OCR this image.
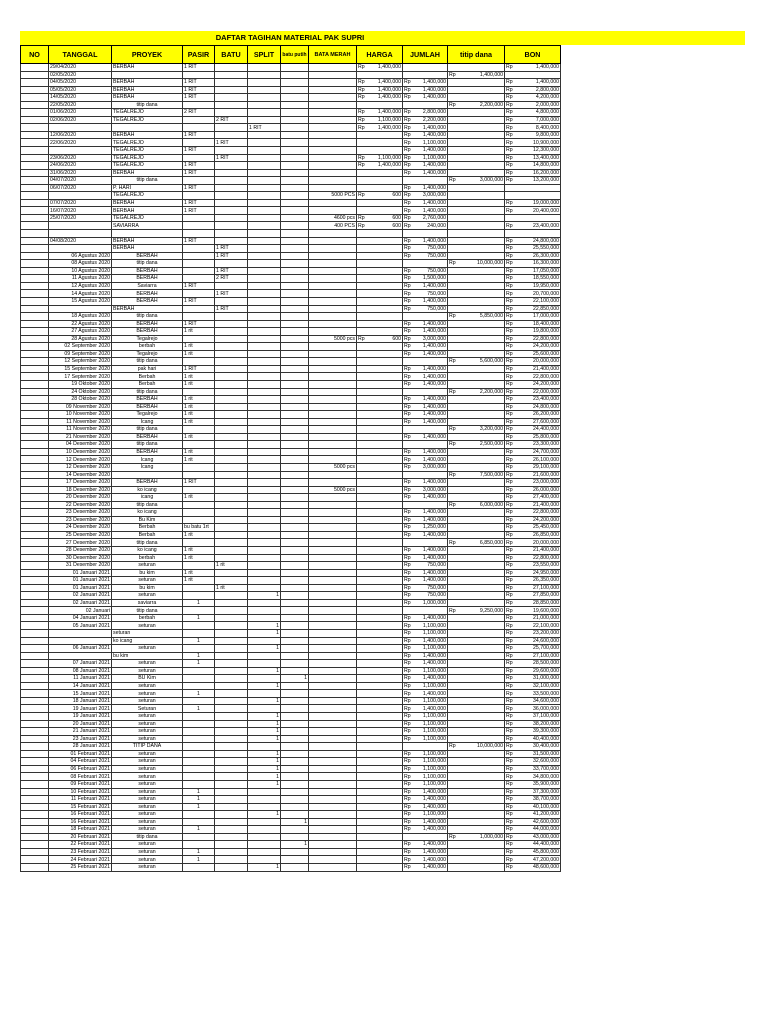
DAFTAR TAGIHAN MATERIAL PAK SUPRI
NO	TANGGAL	PROYEK	PASIR	BATU	SPLIT	batu putih	BATA MERAH	HARGA	JUMLAH	titip dana	BON
	29/04/2020	BERBAH	1 RIT					Rp 1,400,000			Rp 1,400,000

	02/05/2020									Rp 1,400,000	

	04/05/2020	BERBAH	1 RIT					Rp 1,400,000	Rp 1,400,000		Rp 1,400,000

	05/05/2020	BERBAH	1 RIT					Rp 1,400,000	Rp 1,400,000		Rp 2,800,000

	14/05/2020	BERBAH	1 RIT					Rp 1,400,000	Rp 1,400,000		Rp 4,200,000

	22/05/2020	titip dana								Rp 2,200,000	Rp 2,000,000

	01/06/2020	TEGALREJO	2 RIT					Rp 1,400,000	Rp 2,800,000		Rp 4,800,000

	02/06/2020	TEGALREJO		2 RIT				Rp 1,100,000	Rp 2,200,000		Rp 7,000,000

					1 RIT			Rp 1,400,000	Rp 1,400,000		Rp 8,400,000

	12/06/2020	BERBAH	1 RIT						Rp 1,400,000		Rp 9,800,000

	22/06/2020	TEGALREJO		1 RIT					Rp 1,100,000		Rp 10,900,000

		TEGALREJO	1 RIT						Rp 1,400,000		Rp 12,300,000

	23/06/2020	TEGALREJO		1 RIT				Rp 1,100,000	Rp 1,100,000		Rp 13,400,000

	24/06/2020	TEGALREJO	1 RIT					Rp 1,400,000	Rp 1,400,000		Rp 14,800,000

	31/06/2020	BERBAH	1 RIT						Rp 1,400,000		Rp 16,200,000

	04/07/2020	titip dana								Rp 3,000,000	Rp 13,200,000

	06/07/2020	P. HARI	1 RIT						Rp 1,400,000		

		TEGALREJO					5000 PCS	Rp 600	Rp 3,000,000		

	07/07/2020	BERBAH	1 RIT						Rp 1,400,000		Rp 19,000,000

	16/07/2020	BERBAH	1 RIT						Rp 1,400,000		Rp 20,400,000

	25/07/2020	TEGALREJO					4600 pcs	Rp 600	Rp 2,760,000		

		SAVIARRA					400 PCS	Rp 600	Rp 240,000		Rp 23,400,000

	04/08/2020	BERBAH	1 RIT						Rp 1,400,000		Rp 24,800,000

		BERBAH		1 RIT					Rp 750,000		Rp 25,550,000

	06 Agustus 2020	BERBAH		1 RIT					Rp 750,000		Rp 26,300,000

	08 Agustus 2020	titip dana								Rp 10,000,000	Rp 16,300,000

	10 Agustus 2020	BERBAH		1 RIT					Rp 750,000		Rp 17,050,000

	11 Agustus 2020	BERBAH		2 RIT					Rp 1,500,000		Rp 18,550,000

	12 Agustus 2020	Saviarra	1 RIT						Rp 1,400,000		Rp 19,950,000

	14 Agustus 2020	BERBAH		1 RIT					Rp 750,000		Rp 20,700,000

	15 Agustus 2020	BERBAH	1 RIT						Rp 1,400,000		Rp 22,100,000

		BERBAH		1 RIT					Rp 750,000		Rp 22,850,000

	18 Agustus 2020	titip dana								Rp 5,850,000	Rp 17,000,000

	22 Agustus 2020	BERBAH	1 RIT						Rp 1,400,000		Rp 18,400,000

	27 Agustus 2020	BERBAH	1 rit						Rp 1,400,000		Rp 19,800,000

	28 Agustus 2020	Tegalrejo					5000 pcs	Rp 600	Rp 3,000,000		Rp 22,800,000

	02 September 2020	berbah	1 rit						Rp 1,400,000		Rp 24,200,000

	09 September 2020	Tegalrejo	1 rit						Rp 1,400,000		Rp 25,600,000

	12 September 2020	titip dana								Rp 5,600,000	Rp 20,000,000

	15 September 2020	pak hari	1 RIT						Rp 1,400,000		Rp 21,400,000

	17 September 2020	Berbah	1 rit						Rp 1,400,000		Rp 22,800,000

	19 Oktober 2020	Berbah	1 rit						Rp 1,400,000		Rp 24,200,000

	24 Oktober 2020	titip dana								Rp 2,200,000	Rp 22,000,000

	28 Oktober 2020	BERBAH	1 rit						Rp 1,400,000		Rp 23,400,000

	09 November 2020	BERBAH	1 rit						Rp 1,400,000		Rp 24,800,000

	10 November 2020	Tegalrejo	1 rit						Rp 1,400,000		Rp 26,200,000

	11 November 2020	Icang	1 rit						Rp 1,400,000		Rp 27,600,000

	11 November 2020	titip dana								Rp 3,200,000	Rp 24,400,000

	21 November 2020	BERBAH	1 rit						Rp 1,400,000		Rp 25,800,000

	04 Desember 2020	titip dana								Rp 2,500,000	Rp 23,300,000

	10 Desember 2020	BERBAH	1 rit						Rp 1,400,000		Rp 24,700,000

	12 Desember 2020	Icang	1 rit						Rp 1,400,000		Rp 26,100,000

	12 Desember 2020	Icang					5000 pcs		Rp 3,000,000		Rp 29,100,000

	14 Desember 2020									Rp 7,500,000	Rp 21,600,000

	17 Desember 2020	BERBAH	1 RIT						Rp 1,400,000		Rp 23,000,000

	18 Desember 2020	ko icang					5000 pcs		Rp 3,000,000		Rp 26,000,000

	20 Desember 2020	icang	1 rit						Rp 1,400,000		Rp 27,400,000

	22 Desember 2020	titip dana								Rp 6,000,000	Rp 21,400,000

	23 Desember 2020	ko icang							Rp 1,400,000		Rp 22,800,000

	23 Desember 2020	Bu Kim							Rp 1,400,000		Rp 24,200,000

	24 Desember 2020	Berbah	bu batu 1rt						Rp 1,250,000		Rp 25,450,000

	25 Desember 2020	Berbah	1 rit						Rp 1,400,000		Rp 26,850,000

	27 Desember 2020	titip dana								Rp 6,850,000	Rp 20,000,000

	28 Desember 2020	ko icang	1 rit						Rp 1,400,000		Rp 21,400,000

	30 Desember 2020	berbah	1 rit						Rp 1,400,000		Rp 22,800,000

	31 Desember 2020	seturan		1 rit					Rp 750,000		Rp 23,550,000

	01 Januari 2021	bu kim	1 rit						Rp 1,400,000		Rp 24,950,000

	01 Januari 2021	seturan	1 rit						Rp 1,400,000		Rp 26,350,000

	01 Januari 2021	bu kim		1 rit					Rp 750,000		Rp 27,100,000

	02 Januari 2021	seturan			1				Rp 750,000		Rp 27,850,000

	02 Januari 2021	saviarra	1						Rp 1,000,000		Rp 28,850,000

	02 Januari	titip dana								Rp 9,250,000	Rp 19,600,000

	04 Januari 2021	berbah	1						Rp 1,400,000		Rp 21,000,000

	05 Januari 2021	seturan			1				Rp 1,100,000		Rp 22,100,000

		seturan			1				Rp 1,100,000		Rp 23,200,000

		ko icang	1						Rp 1,400,000		Rp 24,600,000

	06 Januari 2021	seturan			1				Rp 1,100,000		Rp 25,700,000

		bu kim	1						Rp 1,400,000		Rp 27,100,000

	07 Januari 2021	seturan	1						Rp 1,400,000		Rp 28,500,000

	08 Januari 2021	seturan			1				Rp 1,100,000		Rp 29,600,000

	11 Januari 2021	BU Kim				1			Rp 1,400,000		Rp 31,000,000

	14 Januari 2021	seturan			1				Rp 1,100,000		Rp 32,100,000

	15 Januari 2021	seturan	1						Rp 1,400,000		Rp 33,500,000

	18 Januari 2021	seturan			1				Rp 1,100,000		Rp 34,600,000

	19 Januari 2021	Seturan	1						Rp 1,400,000		Rp 36,000,000

	19 Januari 2021	seturan			1				Rp 1,100,000		Rp 37,100,000

	20 Januari 2021	seturan			1				Rp 1,100,000		Rp 38,200,000

	21 Januari 2021	seturan			1				Rp 1,100,000		Rp 39,300,000

	23 Januari 2021	seturan			1				Rp 1,100,000		Rp 40,400,000

	28 Januari 2021	TITIP DANA								Rp 10,000,000	Rp 30,400,000

	01 Februari 2021	seturan			1				Rp 1,100,000		Rp 31,500,000

	04 Februari 2021	seturan			1				Rp 1,100,000		Rp 32,600,000

	06 Februari 2021	seturan			1				Rp 1,100,000		Rp 33,700,000

	08 Februari 2021	seturan			1				Rp 1,100,000		Rp 34,800,000

	09 Februari 2021	seturan			1				Rp 1,100,000		Rp 35,900,000

	10 Februari 2021	seturan	1						Rp 1,400,000		Rp 37,300,000

	11 Februari 2021	seturan	1						Rp 1,400,000		Rp 38,700,000

	15 Februari 2021	seturan	1						Rp 1,400,000		Rp 40,100,000

	16 Februari 2021	seturan			1				Rp 1,100,000		Rp 41,200,000

	16 Februari 2021	seturan				1			Rp 1,400,000		Rp 42,600,000

	18 Februari 2021	seturan	1						Rp 1,400,000		Rp 44,000,000

	20 Februari 2021	titip dana								Rp 1,000,000	Rp 43,000,000

	22 Februari 2021	seturan				1			Rp 1,400,000		Rp 44,400,000

	23 Februari 2021	seturan	1						Rp 1,400,000		Rp 45,800,000

	24 Februari 2021	seturan	1						Rp 1,400,000		Rp 47,200,000

	25 Februari 2021	seturan			1				Rp 1,400,000		Rp 48,600,000
